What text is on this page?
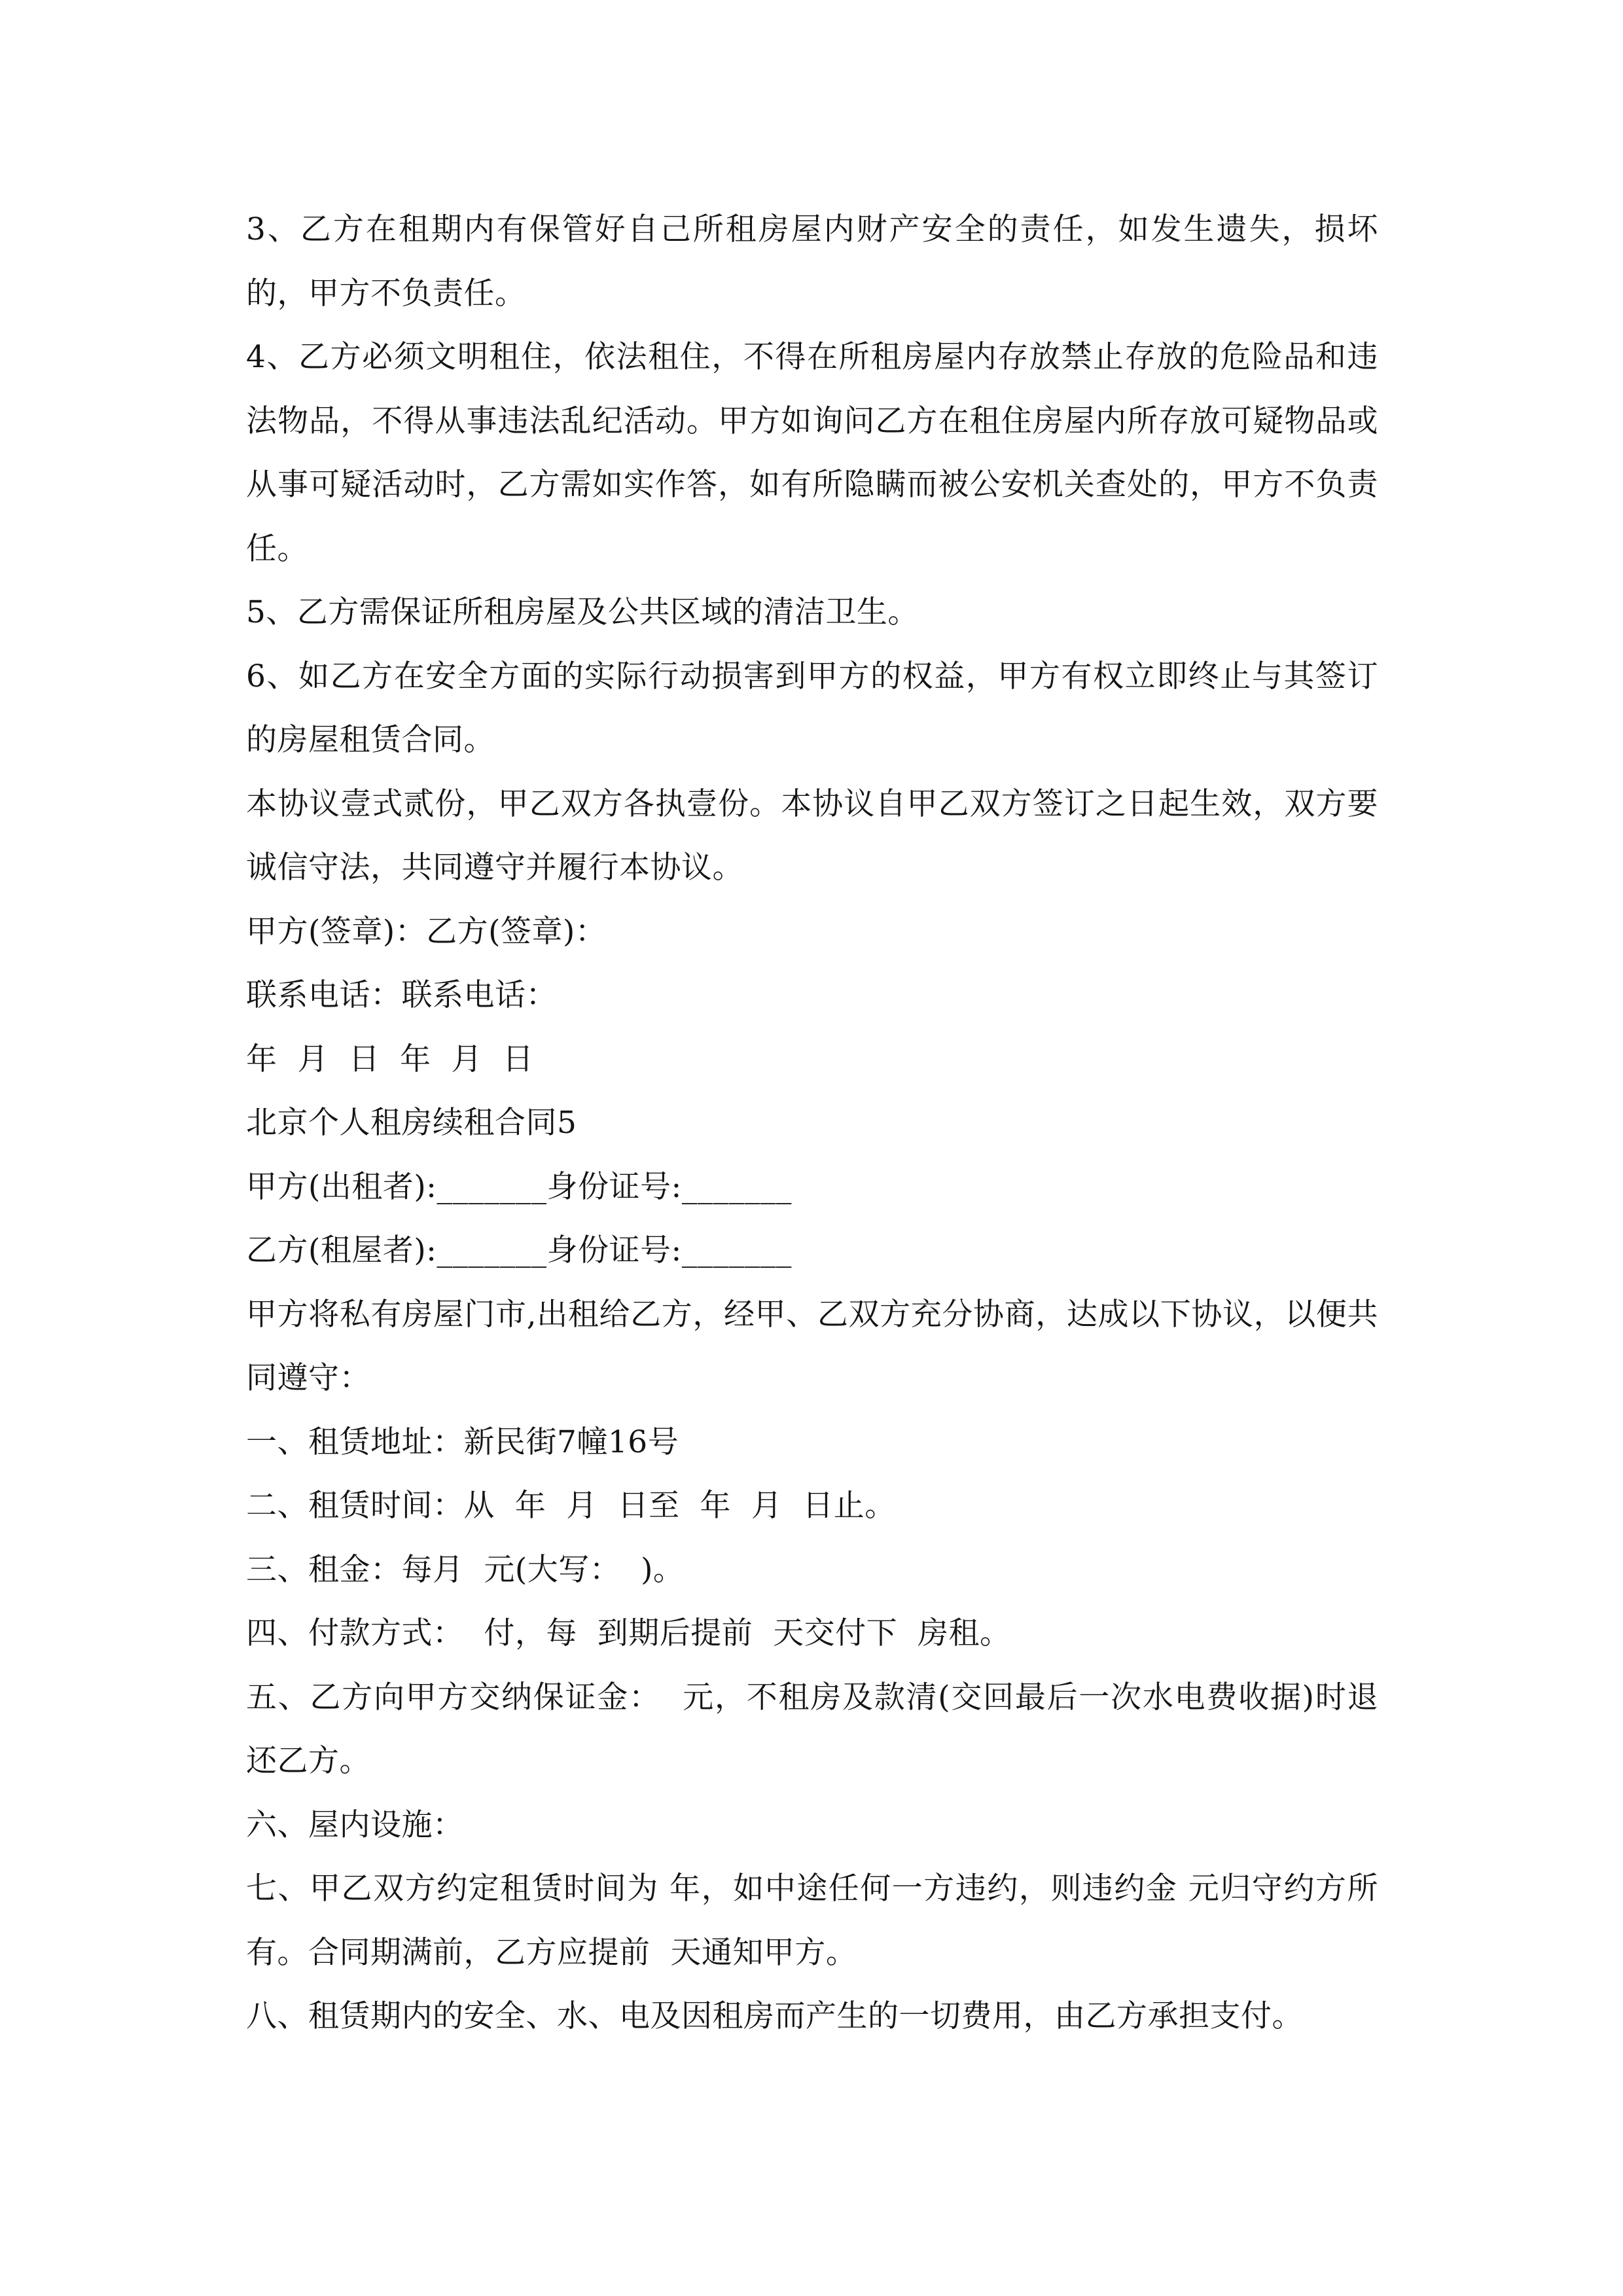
3、乙方在租期内有保管好自己所租房屋内财产安全的责任，如发生遗失，损坏的，甲方不负责任。

4、乙方必须文明租住，依法租住，不得在所租房屋内存放禁止存放的危险品和违法物品，不得从事违法乱纪活动。甲方如询问乙方在租住房屋内所存放可疑物品或从事可疑活动时，乙方需如实作答，如有所隐瞒而被公安机关查处的，甲方不负责任。

5、乙方需保证所租房屋及公共区域的清洁卫生。

6、如乙方在安全方面的实际行动损害到甲方的权益，甲方有权立即终止与其签订的房屋租赁合同。

本协议壹式贰份，甲乙双方各执壹份。本协议自甲乙双方签订之日起生效，双方要诚信守法，共同遵守并履行本协议。

甲方(签章)：乙方(签章)：

联系电话：联系电话：

年  月  日  年  月  日

北京个人租房续租合同5

甲方(出租者):_______身份证号:_______

乙方(租屋者):_______身份证号:_______

甲方将私有房屋门市,出租给乙方，经甲、乙双方充分协商，达成以下协议，以便共同遵守：

一、租赁地址：新民街7幢16号

二、租赁时间：从  年  月  日至  年  月  日止。

三、租金：每月  元(大写：  )。

四、付款方式：  付，每  到期后提前  天交付下  房租。

五、乙方向甲方交纳保证金：  元，不租房及款清(交回最后一次水电费收据)时退还乙方。

六、屋内设施：

七、甲乙双方约定租赁时间为 年，如中途任何一方违约，则违约金 元归守约方所有。合同期满前，乙方应提前  天通知甲方。

八、租赁期内的安全、水、电及因租房而产生的一切费用，由乙方承担支付。
